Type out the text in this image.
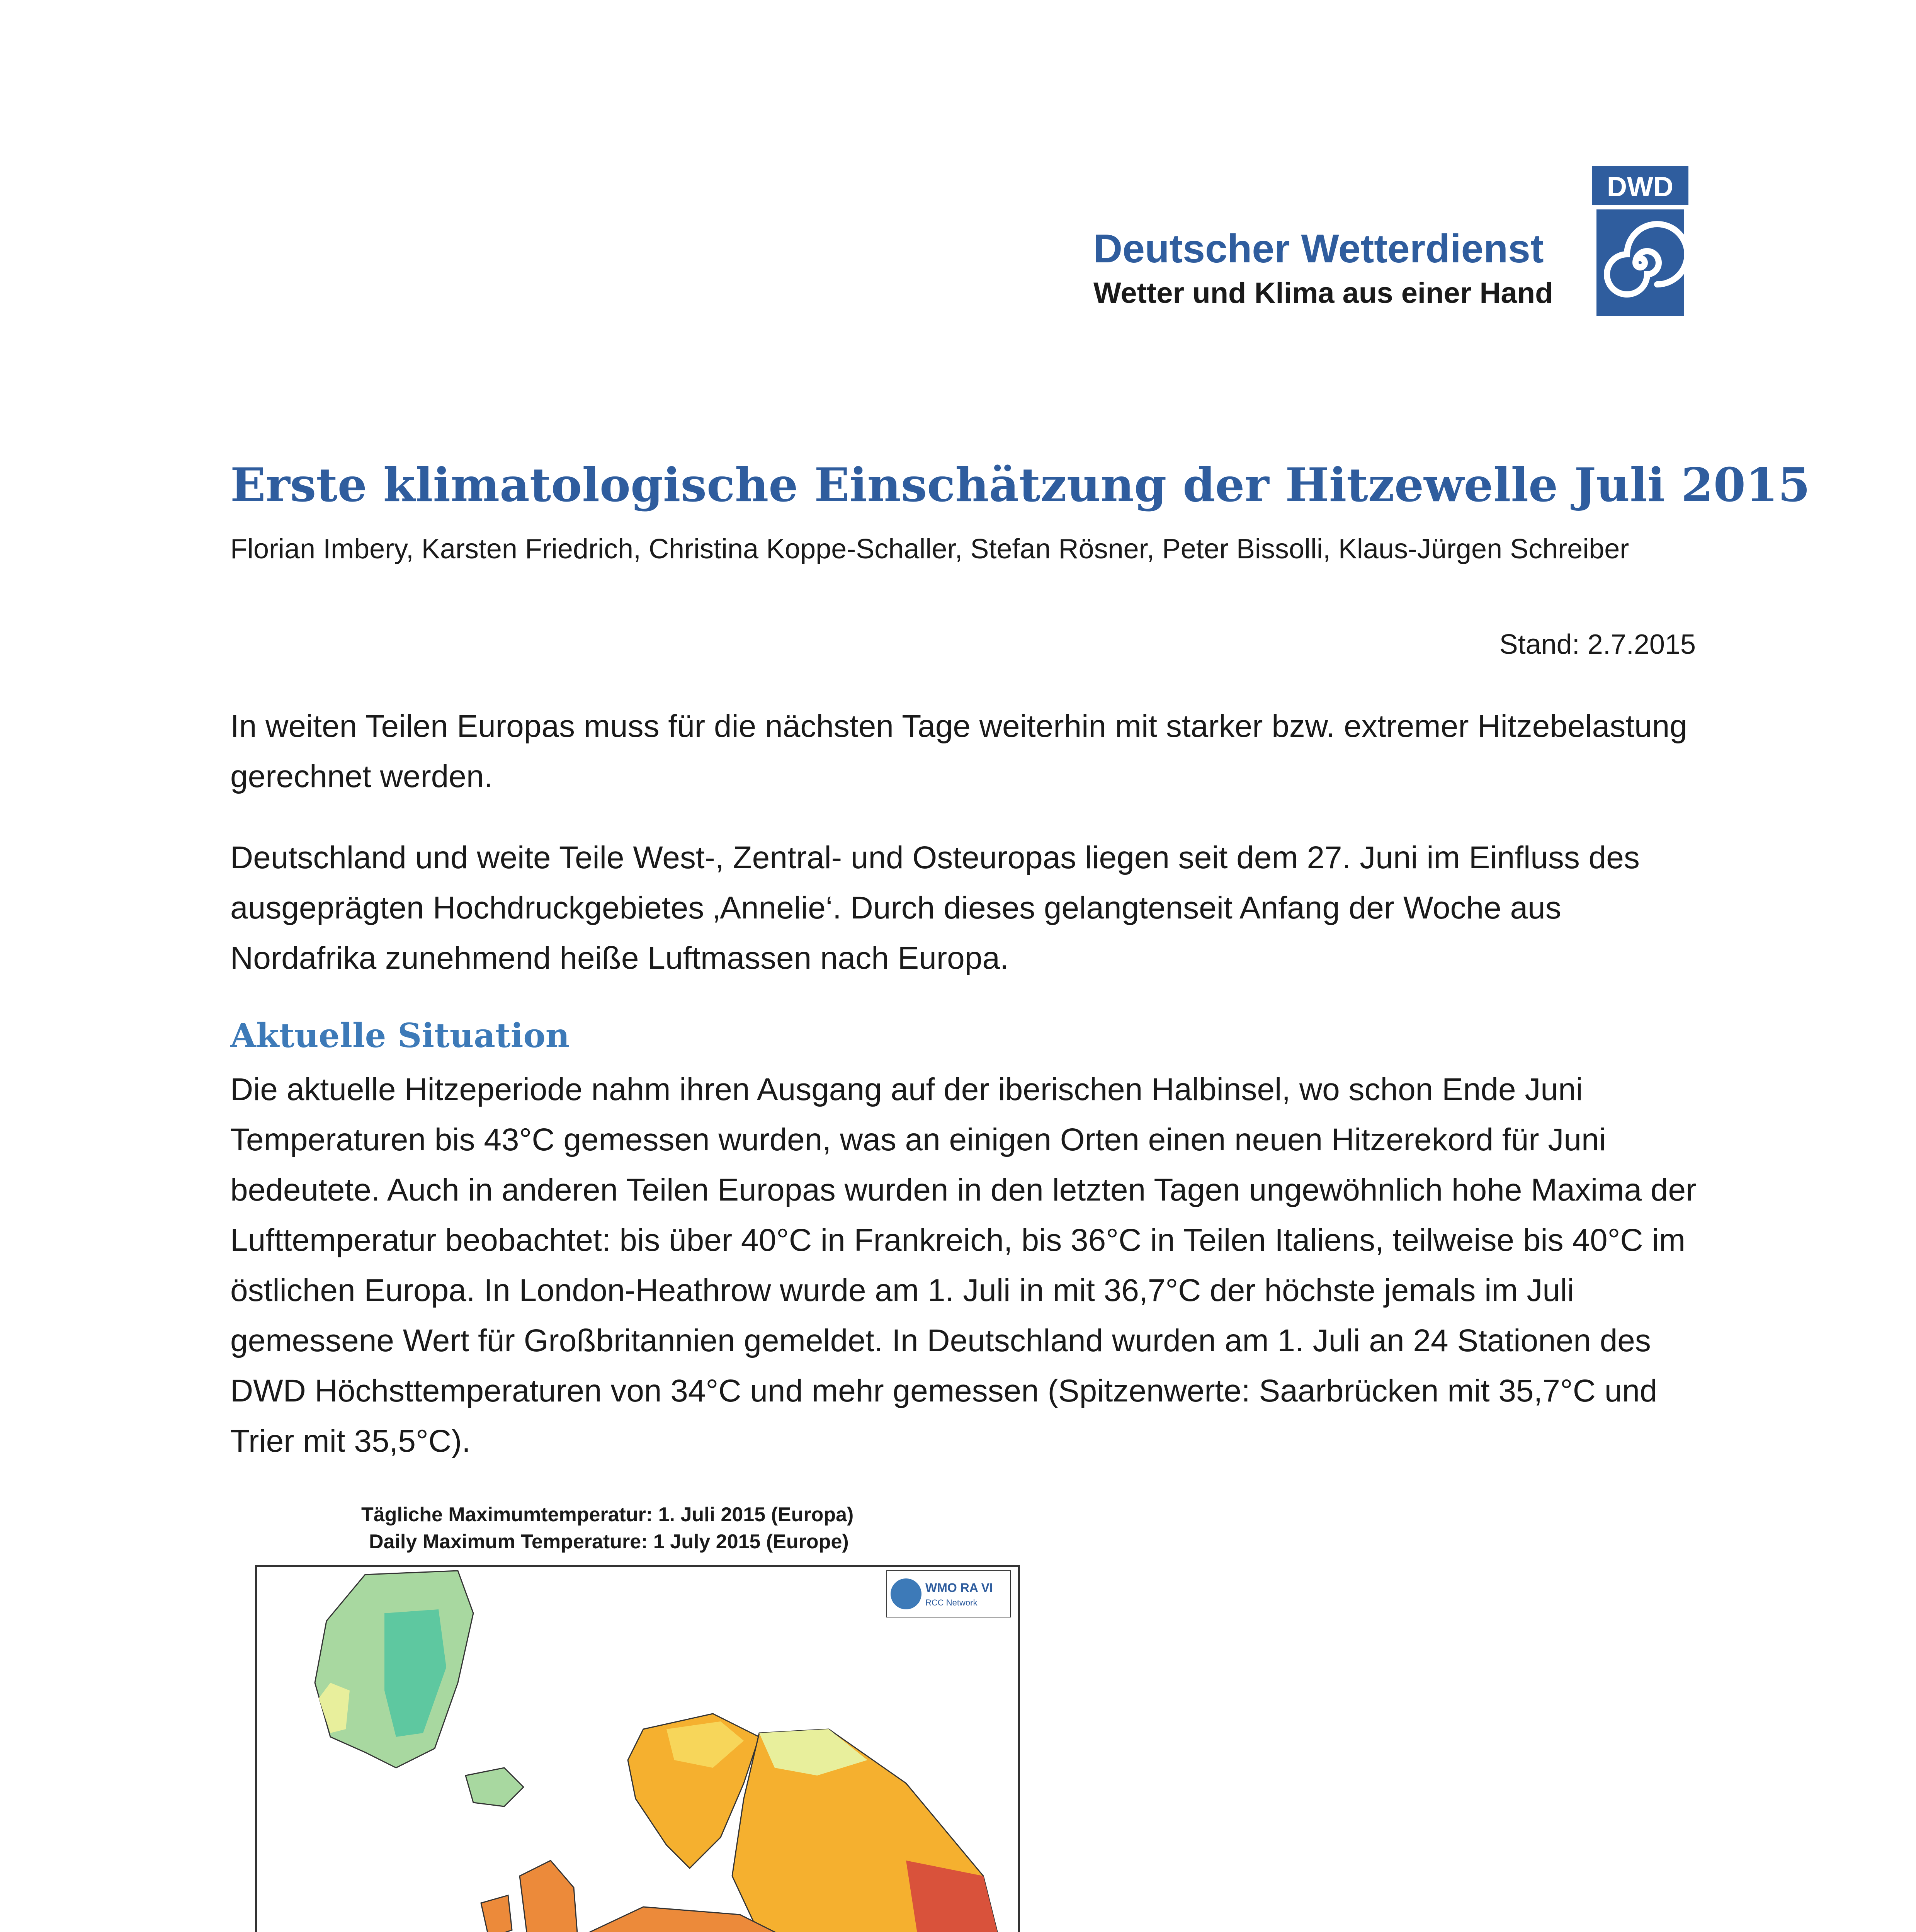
Deutscher Wetterdienst
Wetter und Klima aus einer Hand
DWD
Erste klimatologische Einschätzung der Hitzewelle Juli 2015
Florian Imbery, Karsten Friedrich, Christina Koppe-Schaller, Stefan Rösner, Peter Bissolli, Klaus-Jürgen Schreiber
Stand: 2.7.2015
In weiten Teilen Europas muss für die nächsten Tage weiterhin mit starker bzw. extremer Hitzebelastung gerechnet werden.
Deutschland und weite Teile West-, Zentral- und Osteuropas liegen seit dem 27. Juni im Einfluss des ausgeprägten Hochdruckgebietes ‚Annelie‘. Durch dieses gelangtenseit Anfang der Woche aus Nordafrika zunehmend heiße Luftmassen nach Europa.
Aktuelle Situation
Die aktuelle Hitzeperiode nahm ihren Ausgang auf der iberischen Halbinsel, wo schon Ende Juni Temperaturen bis 43°C gemessen wurden, was an einigen Orten einen neuen Hitzerekord für Juni bedeutete. Auch in anderen Teilen Europas wurden in den letzten Tagen ungewöhnlich hohe Maxima der Lufttemperatur beobachtet: bis über 40°C in Frankreich, bis 36°C in Teilen Italiens, teilweise bis 40°C im östlichen Europa. In London-Heathrow wurde am 1. Juli in mit 36,7°C der höchste jemals im Juli gemessene Wert für Großbritannien gemeldet. In Deutschland wurden am 1. Juli an 24 Stationen des DWD Höchsttemperaturen von 34°C und mehr gemessen (Spitzenwerte: Saarbrücken mit 35,7°C und Trier mit 35,5°C).
Tägliche Maximumtemperatur: 1. Juli 2015 (Europa)
Daily Maximum Temperature: 1 July 2015 (Europe)
WMO RA VI
RCC Network
